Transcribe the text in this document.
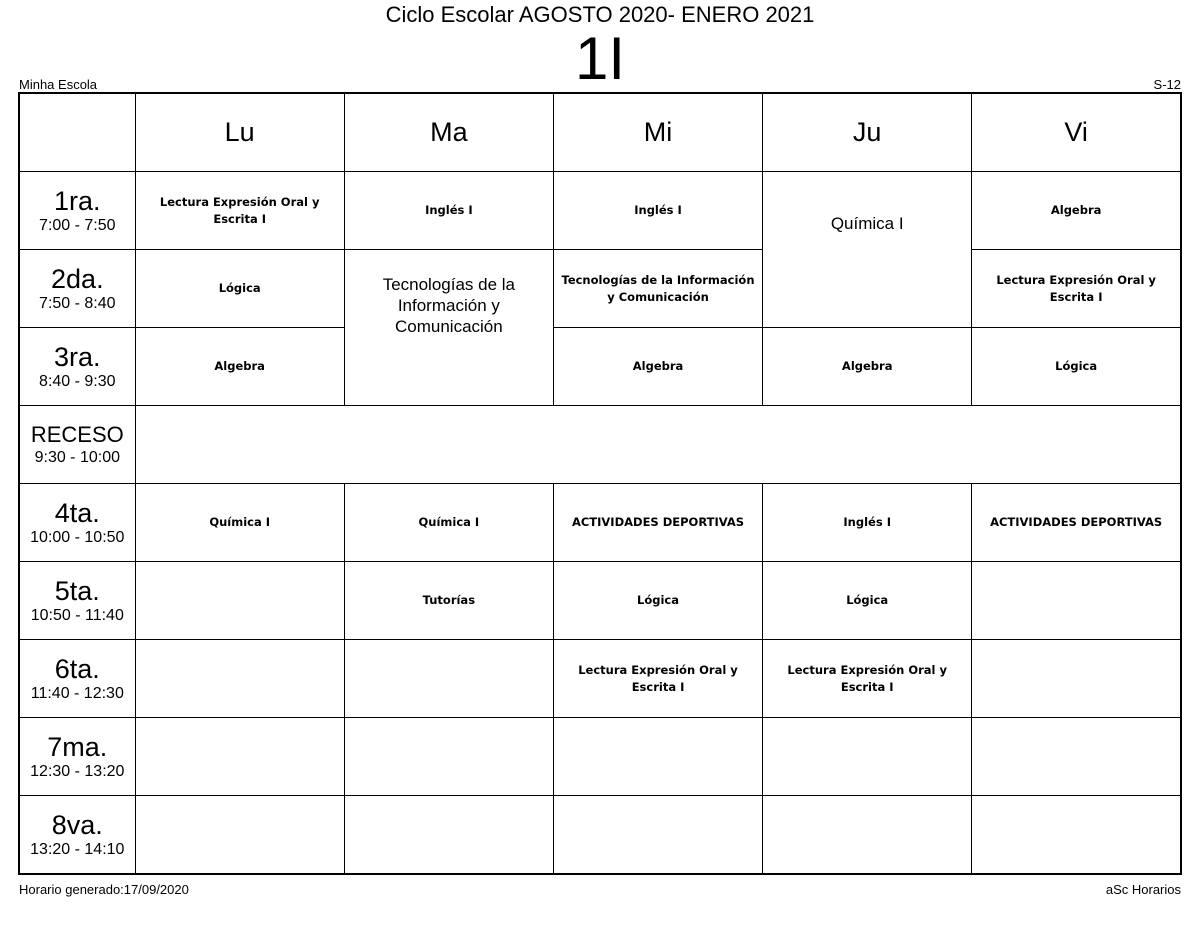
Ciclo Escolar AGOSTO 2020- ENERO 2021
1I
Minha Escola	S-12
	Lu	Ma	Mi	Ju	Vi

1ra.
7:00 - 7:50	Lectura Expresión Oral y Escrita I	Inglés I	Inglés I	Química I	Algebra

2da.
7:50 - 8:40	Lógica	Tecnologías de la Información y Comunicación	Tecnologías de la Información y Comunicación		Lectura Expresión Oral y Escrita I

3ra.
8:40 - 9:30	Algebra		Algebra	Algebra	Lógica

RECESO
9:30 - 10:00					

4ta.
10:00 - 10:50	Química I	Química I	ACTIVIDADES DEPORTIVAS	Inglés I	ACTIVIDADES DEPORTIVAS

5ta.
10:50 - 11:40		Tutorías	Lógica	Lógica	

6ta.
11:40 - 12:30			Lectura Expresión Oral y Escrita I	Lectura Expresión Oral y Escrita I	

7ma.
12:30 - 13:20					

8va.
13:20 - 14:10					

Horario generado:17/09/2020	aSc Horarios
